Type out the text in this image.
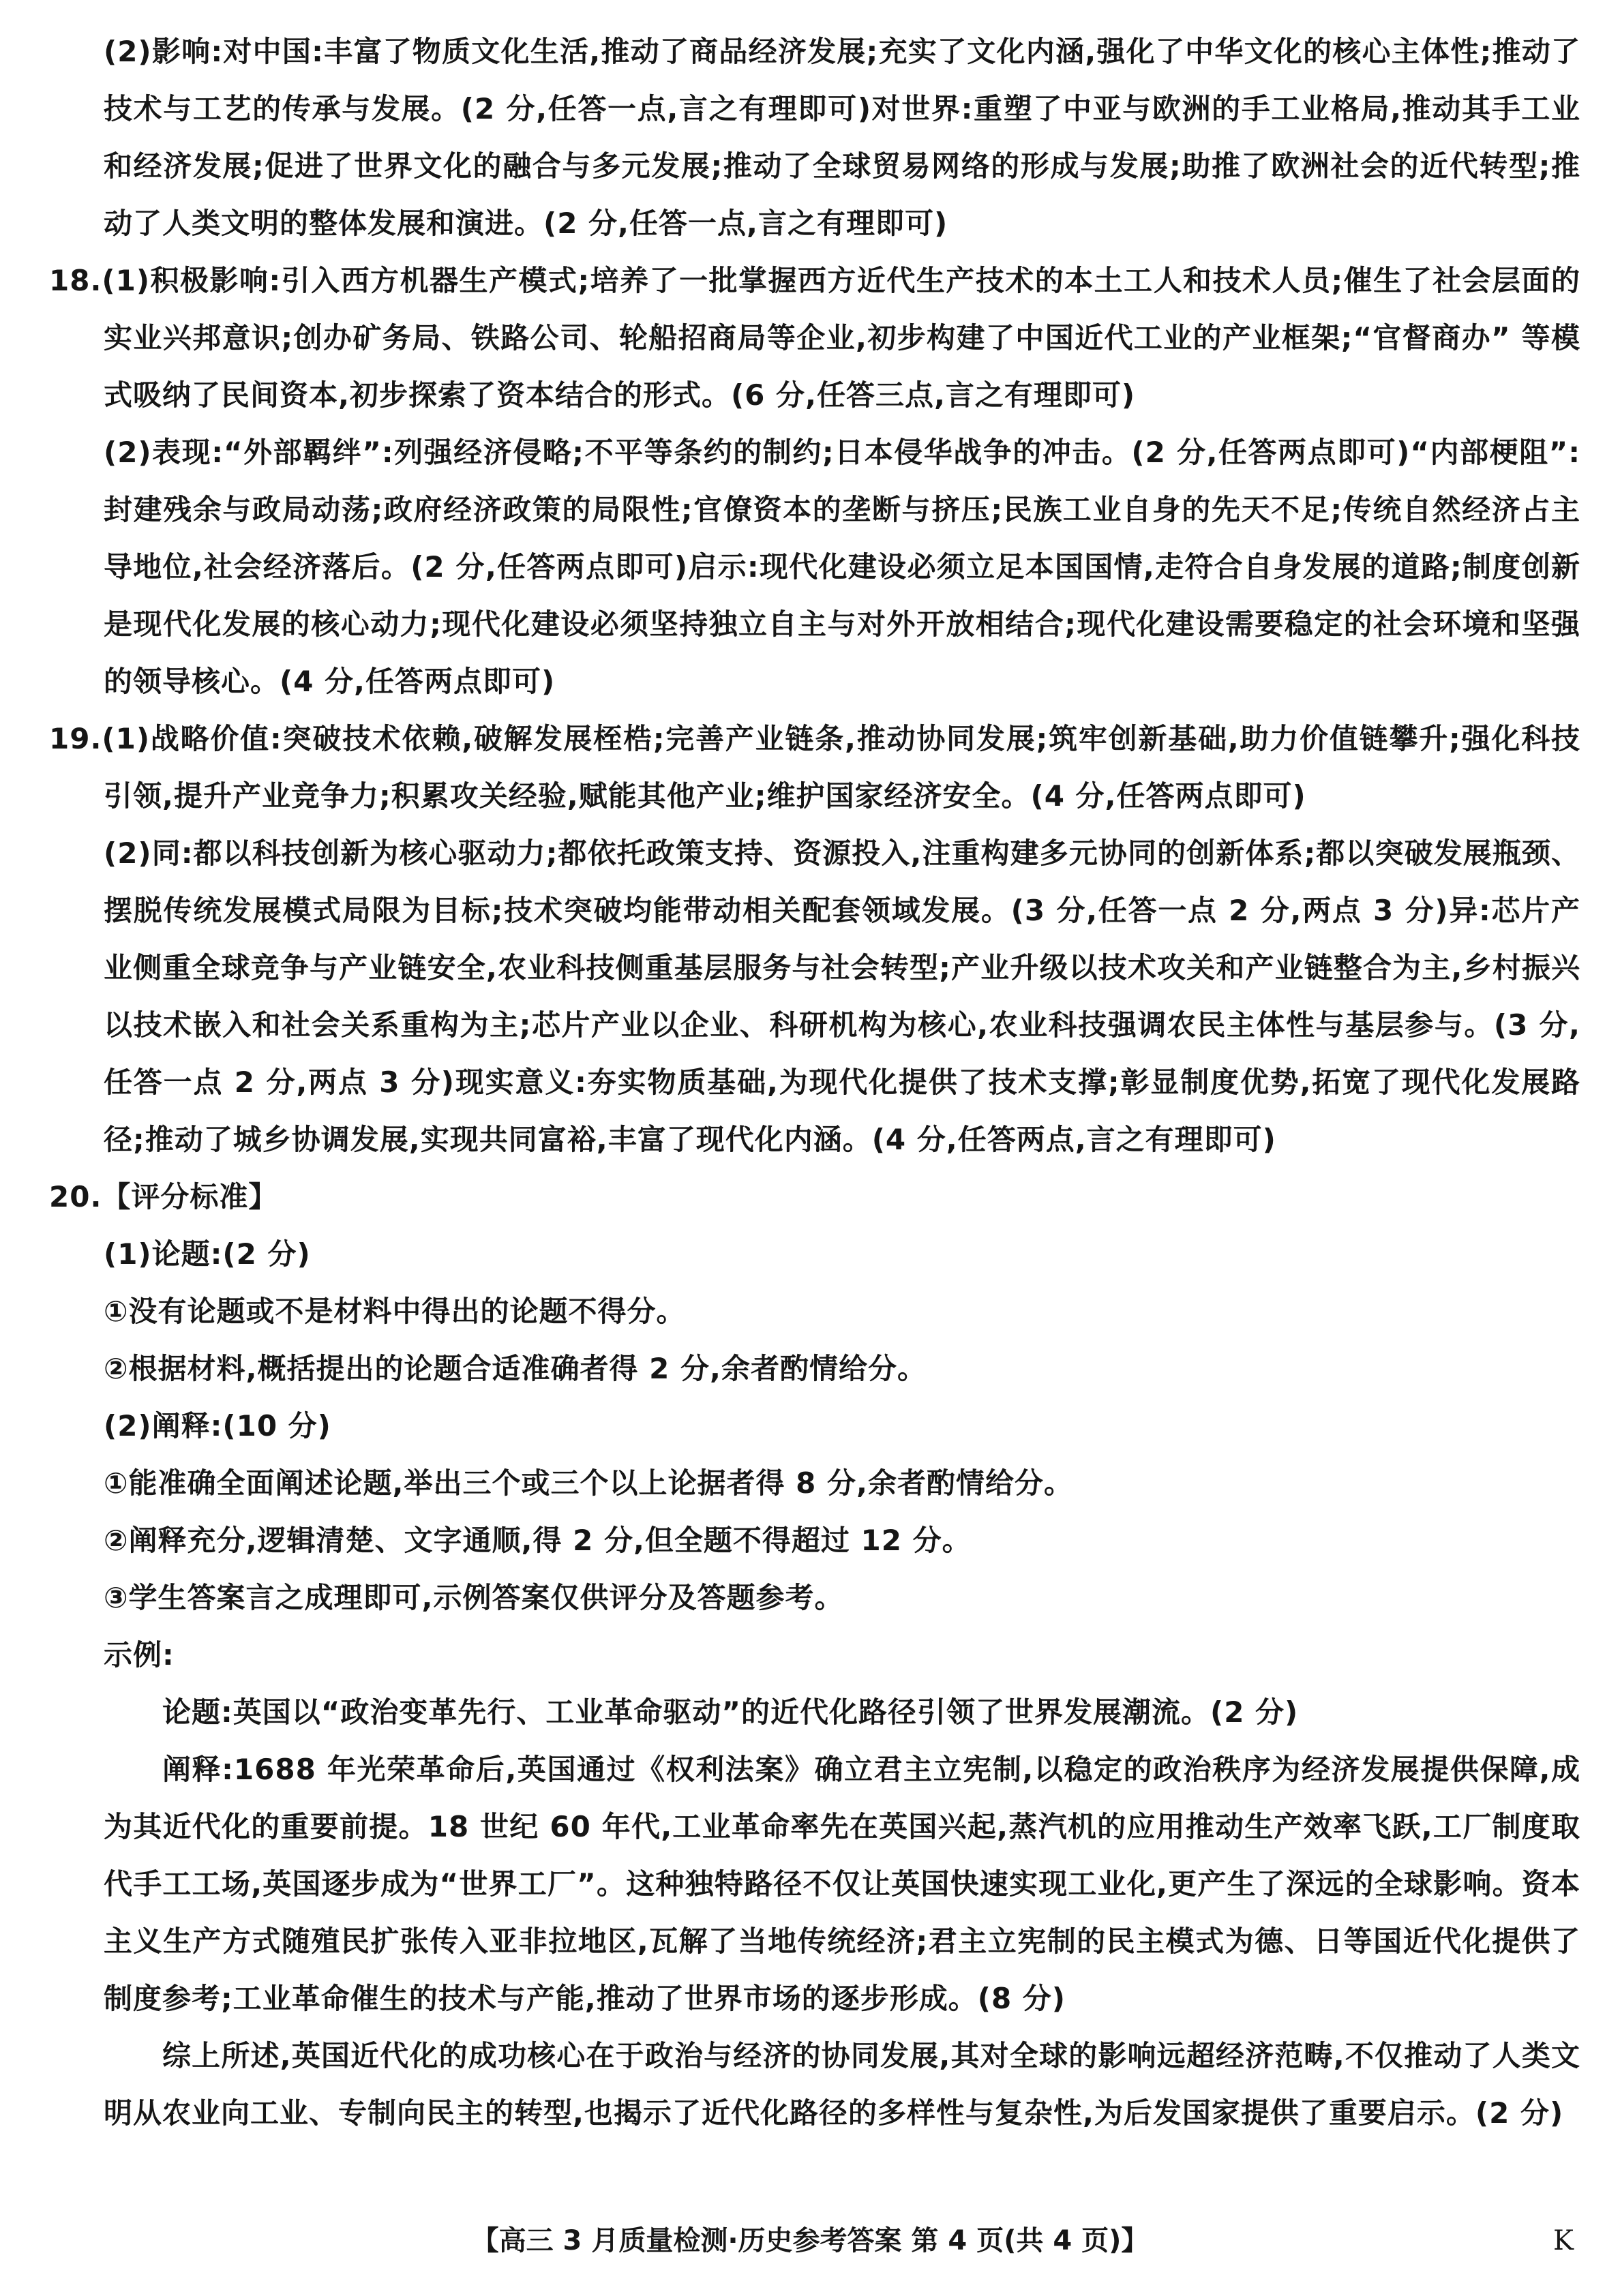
(2)影响:对中国:丰富了物质文化生活,推动了商品经济发展;充实了文化内涵,强化了中华文化的核心主体性;推动了技术与工艺的传承与发展。(2 分,任答一点,言之有理即可)对世界:重塑了中亚与欧洲的手工业格局,推动其手工业和经济发展;促进了世界文化的融合与多元发展;推动了全球贸易网络的形成与发展;助推了欧洲社会的近代转型;推动了人类文明的整体发展和演进。(2 分,任答一点,言之有理即可)

18.(1)积极影响:引入西方机器生产模式;培养了一批掌握西方近代生产技术的本土工人和技术人员;催生了社会层面的实业兴邦意识;创办矿务局、铁路公司、轮船招商局等企业,初步构建了中国近代工业的产业框架;“官督商办” 等模式吸纳了民间资本,初步探索了资本结合的形式。(6 分,任答三点,言之有理即可)

(2)表现:“外部羁绊”:列强经济侵略;不平等条约的制约;日本侵华战争的冲击。(2 分,任答两点即可)“内部梗阻”:封建残余与政局动荡;政府经济政策的局限性;官僚资本的垄断与挤压;民族工业自身的先天不足;传统自然经济占主导地位,社会经济落后。(2 分,任答两点即可)启示:现代化建设必须立足本国国情,走符合自身发展的道路;制度创新是现代化发展的核心动力;现代化建设必须坚持独立自主与对外开放相结合;现代化建设需要稳定的社会环境和坚强的领导核心。(4 分,任答两点即可)

19.(1)战略价值:突破技术依赖,破解发展桎梏;完善产业链条,推动协同发展;筑牢创新基础,助力价值链攀升;强化科技引领,提升产业竞争力;积累攻关经验,赋能其他产业;维护国家经济安全。(4 分,任答两点即可)

(2)同:都以科技创新为核心驱动力;都依托政策支持、资源投入,注重构建多元协同的创新体系;都以突破发展瓶颈、摆脱传统发展模式局限为目标;技术突破均能带动相关配套领域发展。(3 分,任答一点 2 分,两点 3 分)异:芯片产业侧重全球竞争与产业链安全,农业科技侧重基层服务与社会转型;产业升级以技术攻关和产业链整合为主,乡村振兴以技术嵌入和社会关系重构为主;芯片产业以企业、科研机构为核心,农业科技强调农民主体性与基层参与。(3 分,任答一点 2 分,两点 3 分)现实意义:夯实物质基础,为现代化提供了技术支撑;彰显制度优势,拓宽了现代化发展路径;推动了城乡协调发展,实现共同富裕,丰富了现代化内涵。(4 分,任答两点,言之有理即可)

20.【评分标准】

(1)论题:(2 分)

①没有论题或不是材料中得出的论题不得分。

②根据材料,概括提出的论题合适准确者得 2 分,余者酌情给分。

(2)阐释:(10 分)

①能准确全面阐述论题,举出三个或三个以上论据者得 8 分,余者酌情给分。

②阐释充分,逻辑清楚、文字通顺,得 2 分,但全题不得超过 12 分。

③学生答案言之成理即可,示例答案仅供评分及答题参考。

示例:

论题:英国以“政治变革先行、工业革命驱动”的近代化路径引领了世界发展潮流。(2 分)

阐释:1688 年光荣革命后,英国通过《权利法案》确立君主立宪制,以稳定的政治秩序为经济发展提供保障,成为其近代化的重要前提。18 世纪 60 年代,工业革命率先在英国兴起,蒸汽机的应用推动生产效率飞跃,工厂制度取代手工工场,英国逐步成为“世界工厂”。这种独特路径不仅让英国快速实现工业化,更产生了深远的全球影响。资本主义生产方式随殖民扩张传入亚非拉地区,瓦解了当地传统经济;君主立宪制的民主模式为德、日等国近代化提供了制度参考;工业革命催生的技术与产能,推动了世界市场的逐步形成。(8 分)

综上所述,英国近代化的成功核心在于政治与经济的协同发展,其对全球的影响远超经济范畴,不仅推动了人类文明从农业向工业、专制向民主的转型,也揭示了近代化路径的多样性与复杂性,为后发国家提供了重要启示。(2 分)

【高三 3 月质量检测·历史参考答案 第 4 页(共 4 页)】	K
